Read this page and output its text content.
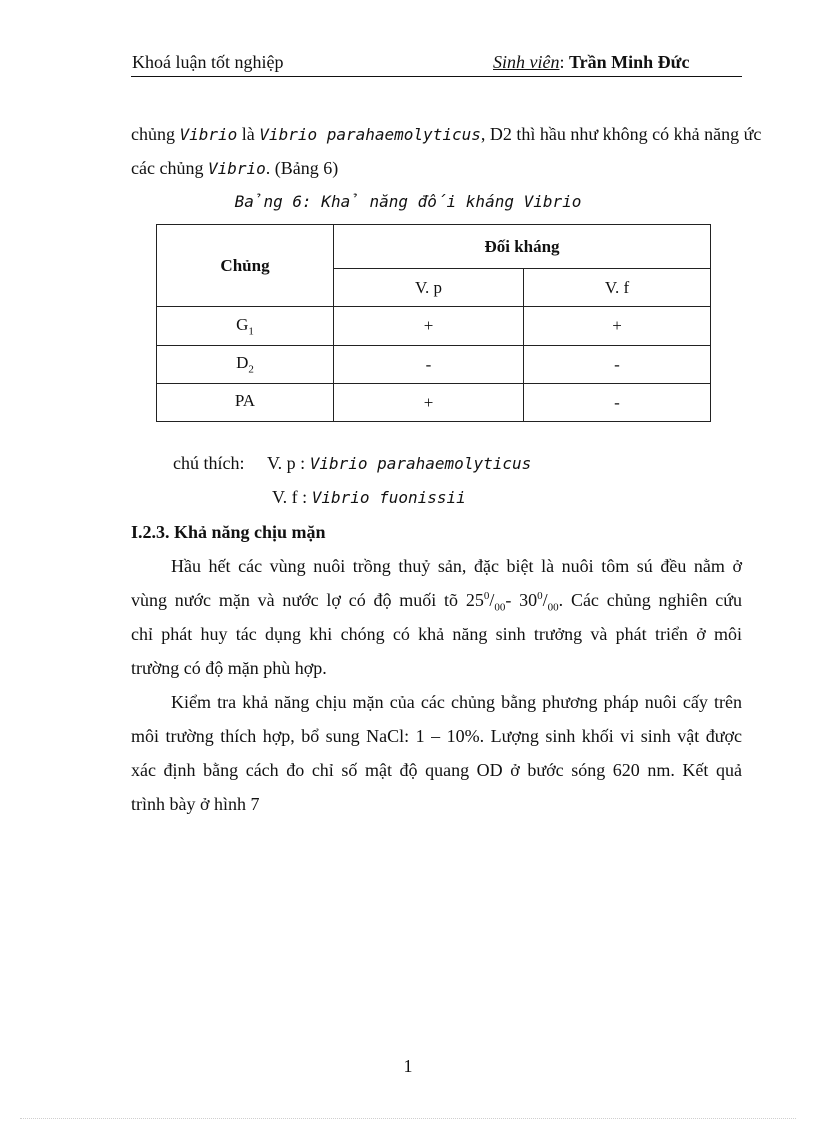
Khoá luận tốt nghiệp	Sinh viên: Trần Minh Đức
chủng Vibrio là Vibrio parahaemolyticus, D2 thì hầu như không có khả năng ức
các chủng Vibrio. (Bảng 6)
Bảng 6: Khả năng đối kháng Vibrio
Chủng	Đối kháng	
	V. p	V. f
$G_1$	+	+
$D_2$	-	-
PA	+	-
chú thích: V. p : Vibrio parahaemolyticus
V. f : Vibrio fuonissii
I.2.3. Khả năng chịu mặn
Hầu hết các vùng nuôi trồng thuỷ sản, đặc biệt là nuôi tôm sú đều nằm ở
vùng nước mặn và nước lợ có độ muối tõ $25^0/_{00}-$ $30^0/_{00}$. Các chủng nghiên cứu
chỉ phát huy tác dụng khi chóng có khả năng sinh trưởng và phát triển ở môi
trường có độ mặn phù hợp.
Kiểm tra khả năng chịu mặn của các chủng bằng phương pháp nuôi cấy trên
môi trường thích hợp, bổ sung NaCl: 1 – 10%. Lượng sinh khối vi sinh vật được
xác định bằng cách đo chỉ số mật độ quang OD ở bước sóng 620 nm. Kết quả
trình bày ở hình 7
1
